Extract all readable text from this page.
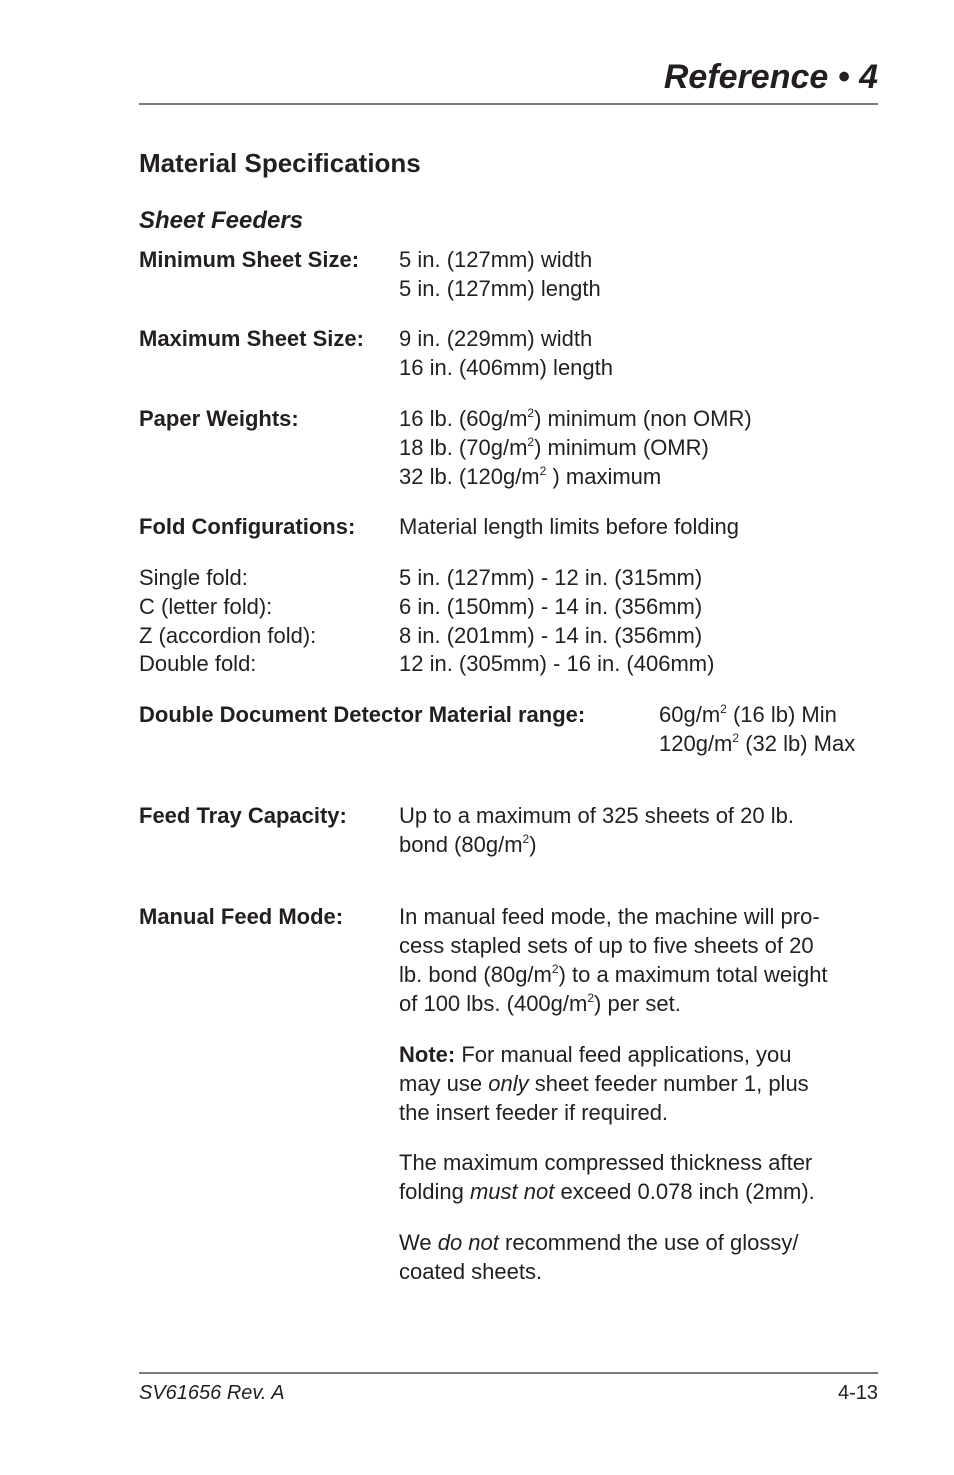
Reference • 4
Material Specifications
Sheet Feeders
Minimum Sheet Size: 5 in. (127mm) width
5 in. (127mm) length
Maximum Sheet Size: 9 in. (229mm) width
16 in. (406mm) length
Paper Weights:	16 lb. $(60g/m^2)$ minimum (non OMR)
18 lb. $(70g/m^2)$ minimum (OMR)
32 lb. ($120g/m^2$ ) maximum
Fold Configurations: Material length limits before folding
Single fold:	5 in. (127mm) - 12 in. (315mm)
C (letter fold):	6 in. (150mm) - 14 in. (356mm)
Z (accordion fold):	8 in. (201mm) - 14 in. (356mm)
Double fold:	12 in. (305mm) - 16 in. (406mm)
Double Document Detector Material range:	$60g/m^2$ (16 lb) Min
$120g/m^2$ (32 lb) Max
Feed Tray Capacity: Up to a maximum of 325 sheets of 20 lb.
bond $(80g/m^2)$
Manual Feed Mode:	In manual feed mode, the machine will pro-
cess stapled sets of up to five sheets of 20
lb. bond $(80g/m^2)$ to a maximum total weight
of 100 lbs. $(400g/m^2)$ per set.
Note: For manual feed applications, you
may use only sheet feeder number 1, plus
the insert feeder if required.
The maximum compressed thickness after
folding must not exceed 0.078 inch (2mm).
We do not recommend the use of glossy/
coated sheets.
SV61656 Rev. A	4-13
